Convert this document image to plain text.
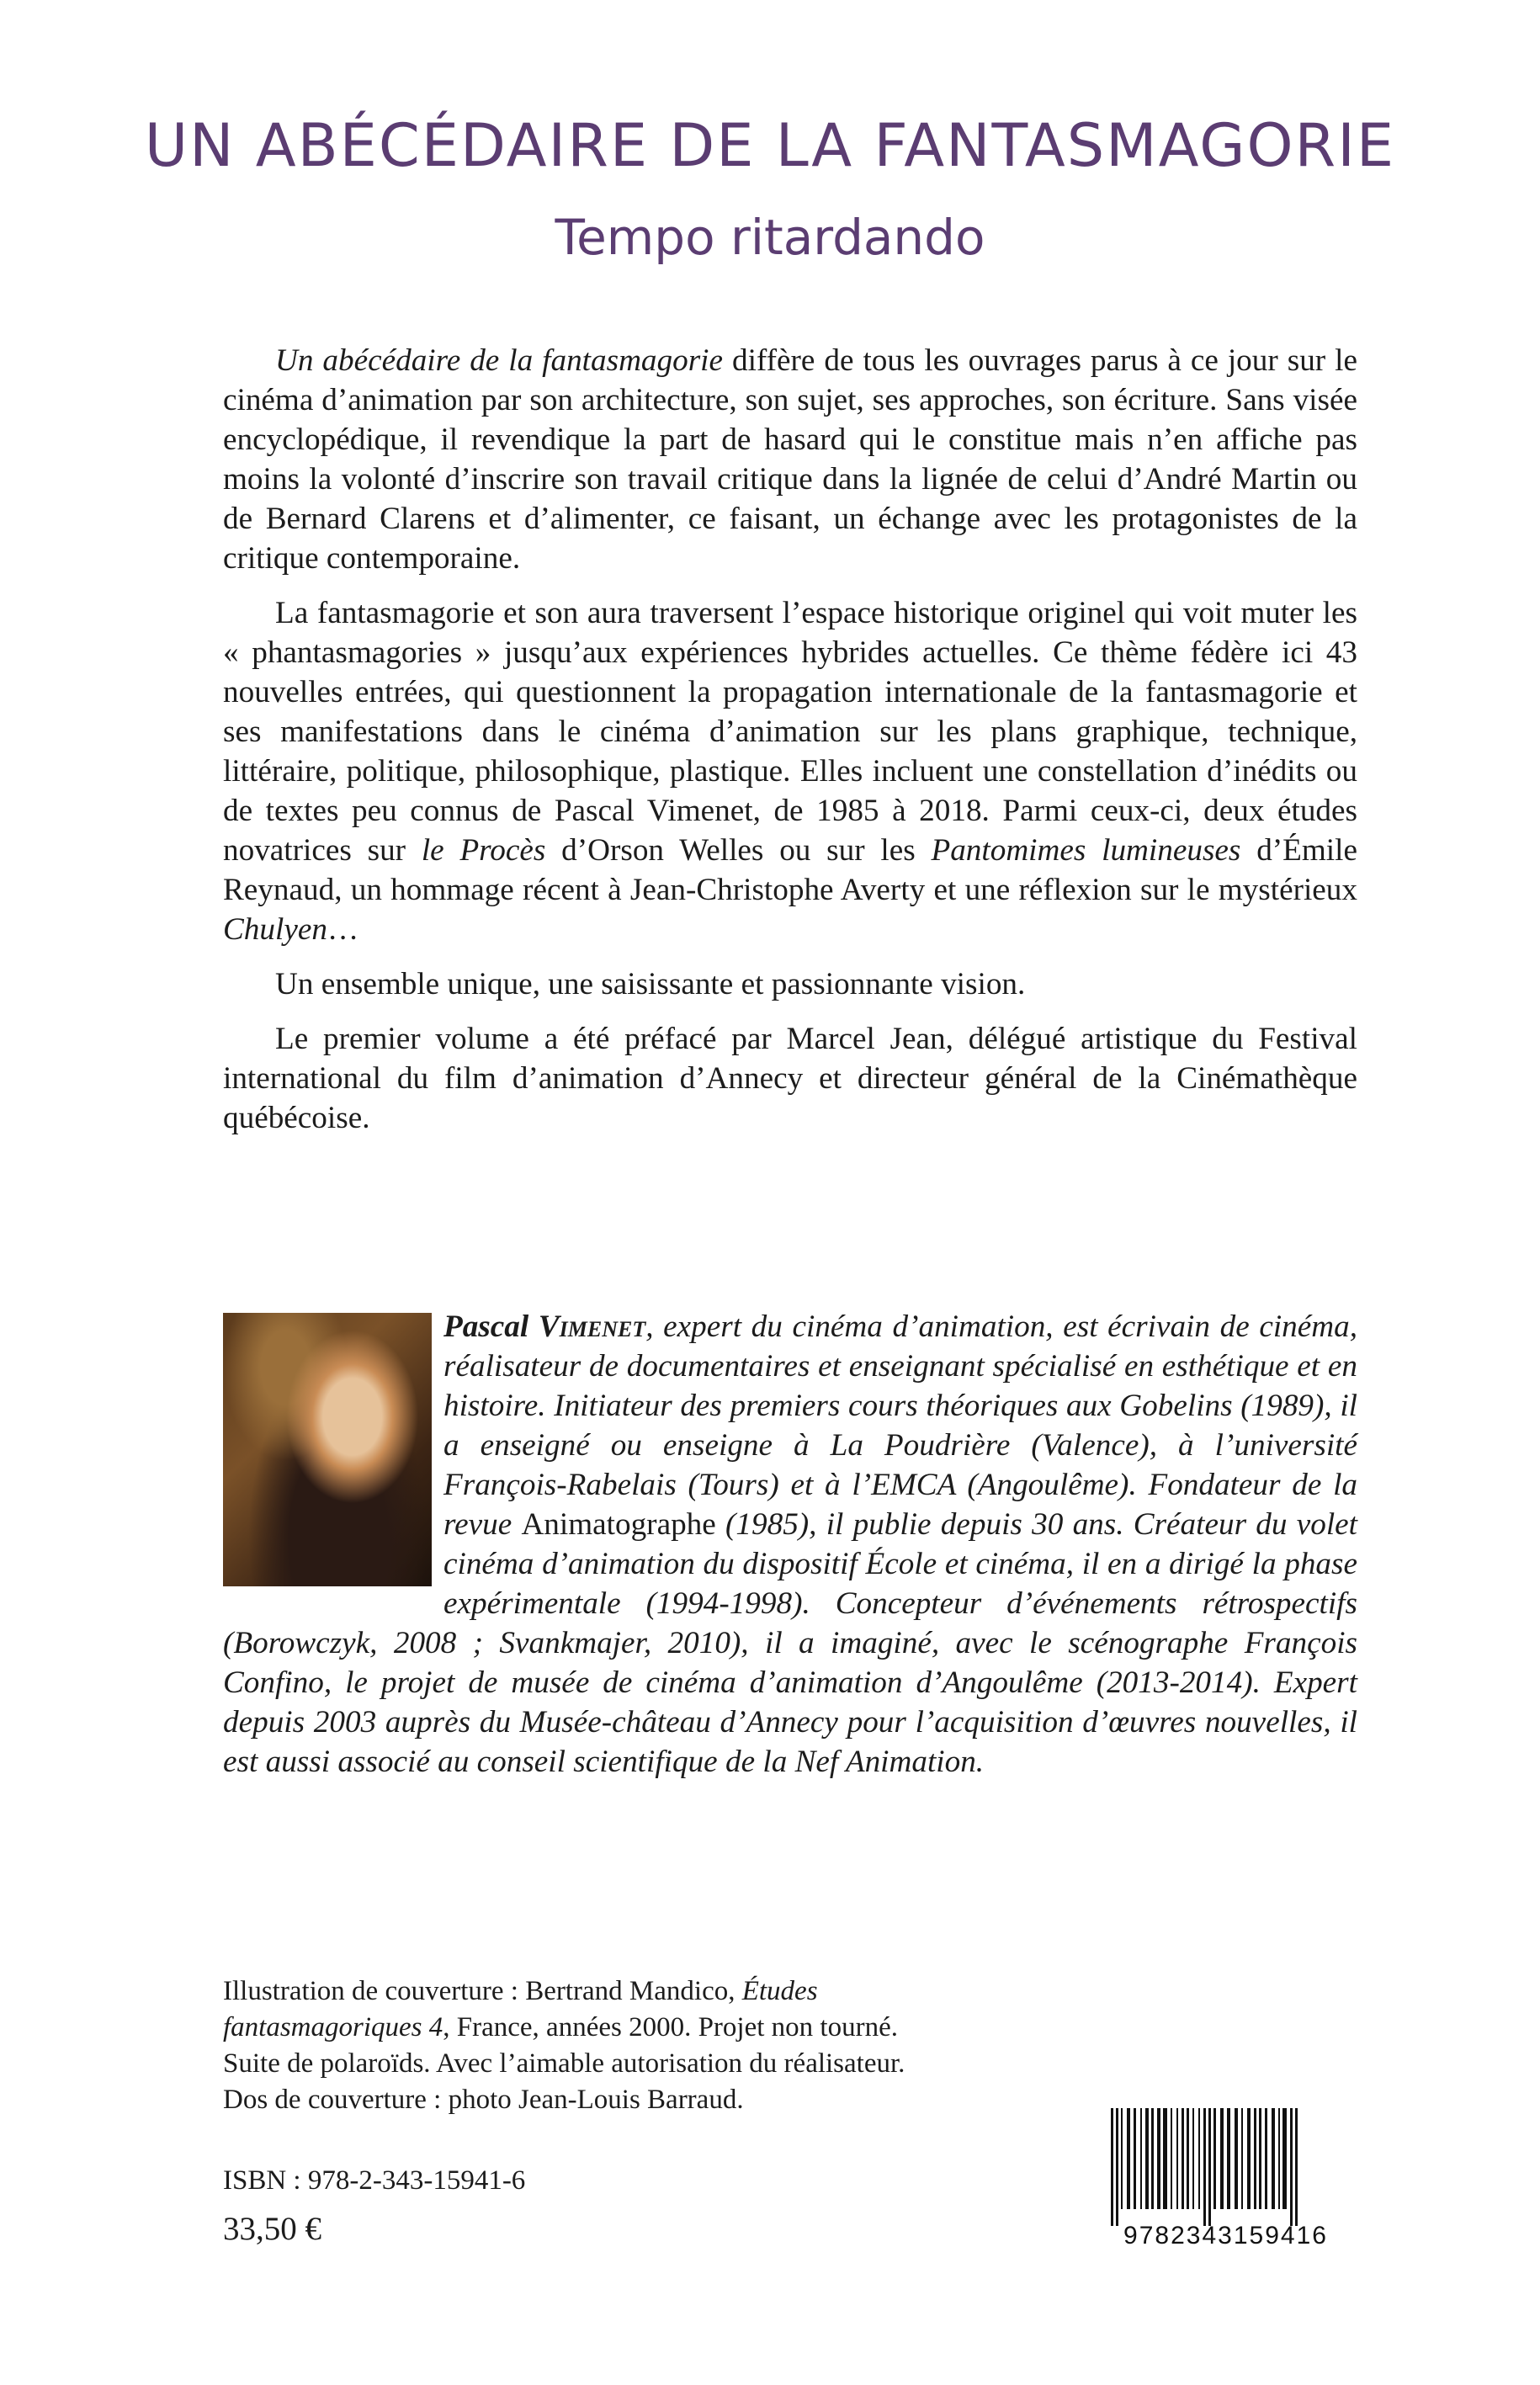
UN ABÉCÉDAIRE DE LA FANTASMAGORIE
Tempo ritardando

Un abécédaire de la fantasmagorie diffère de tous les ouvrages parus à ce jour sur le cinéma d’animation par son architecture, son sujet, ses approches, son écriture. Sans visée encyclopédique, il revendique la part de hasard qui le constitue mais n’en affiche pas moins la volonté d’inscrire son travail critique dans la lignée de celui d’André Martin ou de Bernard Clarens et d’alimenter, ce faisant, un échange avec les protagonistes de la critique contemporaine.

La fantasmagorie et son aura traversent l’espace historique originel qui voit muter les « phantasmagories » jusqu’aux expériences hybrides actuelles. Ce thème fédère ici 43 nouvelles entrées, qui questionnent la propagation internationale de la fantasmagorie et ses manifestations dans le cinéma d’animation sur les plans graphique, technique, littéraire, politique, philosophique, plastique. Elles incluent une constellation d’inédits ou de textes peu connus de Pascal Vimenet, de 1985 à 2018. Parmi ceux-ci, deux études novatrices sur le Procès d’Orson Welles ou sur les Pantomimes lumineuses d’Émile Reynaud, un hommage récent à Jean-Christophe Averty et une réflexion sur le mystérieux Chulyen…

Un ensemble unique, une saisissante et passionnante vision.

Le premier volume a été préfacé par Marcel Jean, délégué artistique du Festival international du film d’animation d’Annecy et directeur général de la Cinémathèque québécoise.

Pascal Vimenet, expert du cinéma d’animation, est écrivain de cinéma, réalisateur de documentaires et enseignant spécialisé en esthétique et en histoire. Initiateur des premiers cours théoriques aux Gobelins (1989), il a enseigné ou enseigne à La Poudrière (Valence), à l’université François-Rabelais (Tours) et à l’EMCA (Angoulême). Fondateur de la revue Animatographe (1985), il publie depuis 30 ans. Créateur du volet cinéma d’animation du dispositif École et cinéma, il en a dirigé la phase expérimentale (1994-1998). Concepteur d’événements rétrospectifs (Borowczyk, 2008 ; Svankmajer, 2010), il a imaginé, avec le scénographe François Confino, le projet de musée de cinéma d’animation d’Angoulême (2013-2014). Expert depuis 2003 auprès du Musée-château d’Annecy pour l’acquisition d’œuvres nouvelles, il est aussi associé au conseil scientifique de la Nef Animation.
Illustration de couverture : Bertrand Mandico, Études
fantasmagoriques 4, France, années 2000. Projet non tourné.
Suite de polaroïds. Avec l’aimable autorisation du réalisateur.
Dos de couverture : photo Jean-Louis Barraud.
ISBN : 978-2-343-15941-6
33,50 €	9782343159416
